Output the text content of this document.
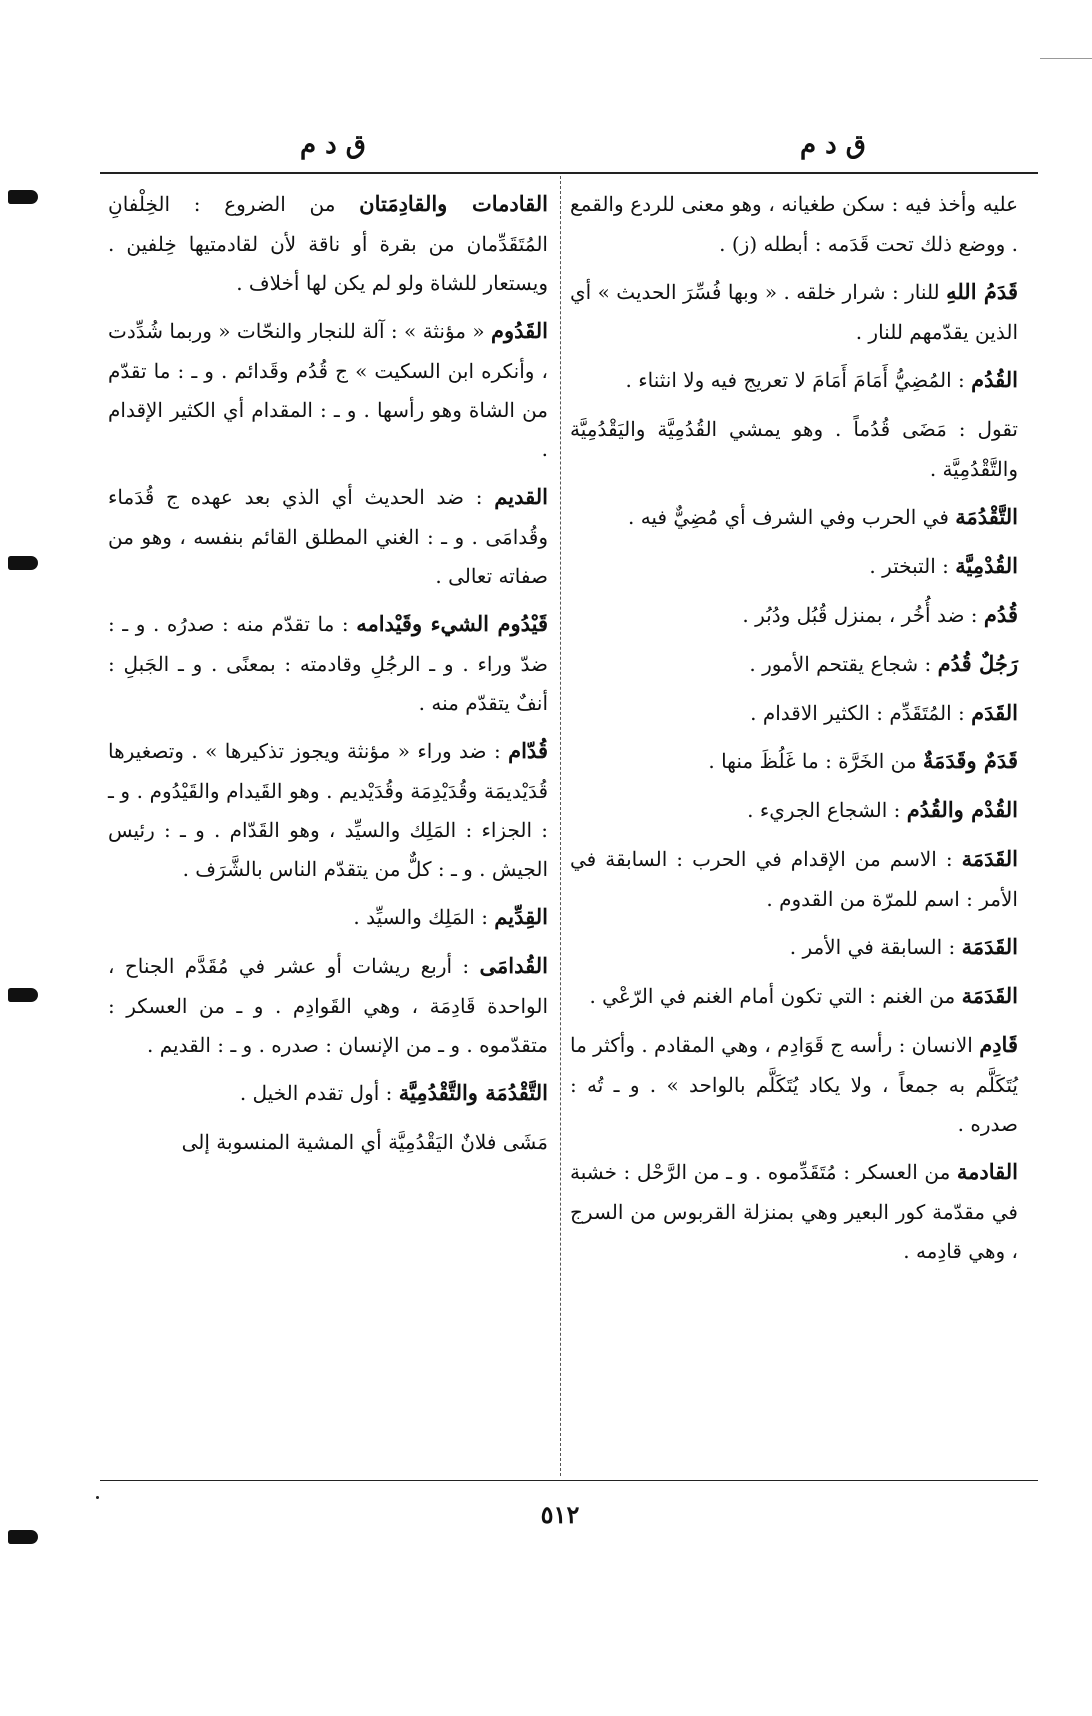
ق د م	ق د م

عليه وأخذ فيه : سكن طغيانه ، وهو معنى للردع والقمع . ووضع ذلك تحت قَدَمه : أبطله (ز) .

قَدَمُ اللهِ للنار : شرار خلقه . « وبها فُسِّرَ الحديث » أي الذين يقدّمهم للنار .

القُدُم : المُضِيُّ أَمَامَ أَمَامَ لا تعريج فيه ولا انثناء .

تقول : مَضَى قُدُماً . وهو يمشي القُدُمِيَّة واليَقْدُمِيَّة والتَّقْدُمِيَّة .

التَّقْدُمَة في الحرب وفي الشرف أي مُضِيٌّ فيه .

القُدْمِيَّة : التبختر .

قُدُم : ضد أُخُر ، بمنزل قُبُل ودُبُر .

رَجُلٌ قُدُم : شجاع يقتحم الأمور .

القَدَم : المُتَقَدِّم : الكثير الاقدام .

قَدَمٌ وقَدَمَةٌ من الخَرَّة : ما غَلُظَ منها .

القُدْم والقُدُم : الشجاع الجريء .

القَدَمَة : الاسم من الإقدام في الحرب : السابقة في الأمر : اسم للمرّة من القدوم .

القَدَمَة : السابقة في الأمر .

القَدَمَة من الغنم : التي تكون أمام الغنم في الرّعْي .

قَادِم الانسان : رأسه ج قَوَادِم ، وهي المقادم . وأكثر ما يُتَكَلَّم به جمعاً ، ولا يكاد يُتَكَلَّم بالواحد » . و ـ تُه : صدره .

القادمة من العسكر : مُتَقَدِّموه . و ـ من الرَّحْل : خشبة في مقدّمة كور البعير وهي بمنزلة القربوس من السرج ، وهي قادِمه .

القادمات والقادِمَتان من الضروع : الخِلْفانِ المُتَقَدِّمان من بقرة أو ناقة لأن لقادمتيها خِلفين . ويستعار للشاة ولو لم يكن لها أخلاف .

القَدُوم « مؤنثة » : آلة للنجار والنحّات « وربما شُدِّدت ، وأنكره ابن السكيت » ج قُدُم وقَدائم . و ـ : ما تقدّم من الشاة وهو رأسها . و ـ : المقدام أي الكثير الإقدام .

القديم : ضد الحديث أي الذي بعد عهده ج قُدَماء وقُدامَى . و ـ : الغني المطلق القائم بنفسه ، وهو من صفاته تعالى .

قَيْدُوم الشيء وقَيْدامه : ما تقدّم منه : صدرُه . و ـ : ضدّ وراء . و ـ الرجُلِ وقادمته : بمعنًى . و ـ الجَبلِ : أنفٌ يتقدّم منه .

قُدّام : ضد وراء « مؤنثة ويجوز تذكيرها » . وتصغيرها قُدَيْديمَة وقُدَيْدِمَة وقُدَيْديم . وهو القَيدام والقَيْدُوم . و ـ : الجزاء : المَلِك والسيِّد ، وهو القَدّام . و ـ : رئيس الجيش . و ـ : كلٌّ من يتقدّم الناس بالشَّرَف .

القِدِّيم : المَلِك والسيِّد .

القُدامَى : أربع ريشات أو عشر في مُقَدَّم الجناح ، الواحدة قَادِمَة ، وهي القَوادِم . و ـ من العسكر : متقدّموه . و ـ من الإنسان : صدره . و ـ : القديم .

التَّقْدُمَة والتَّقْدُمِيَّة : أول تقدم الخيل .

مَشَى فلانٌ اليَقْدُمِيَّة أي المشية المنسوبة إلى

٥١٢
